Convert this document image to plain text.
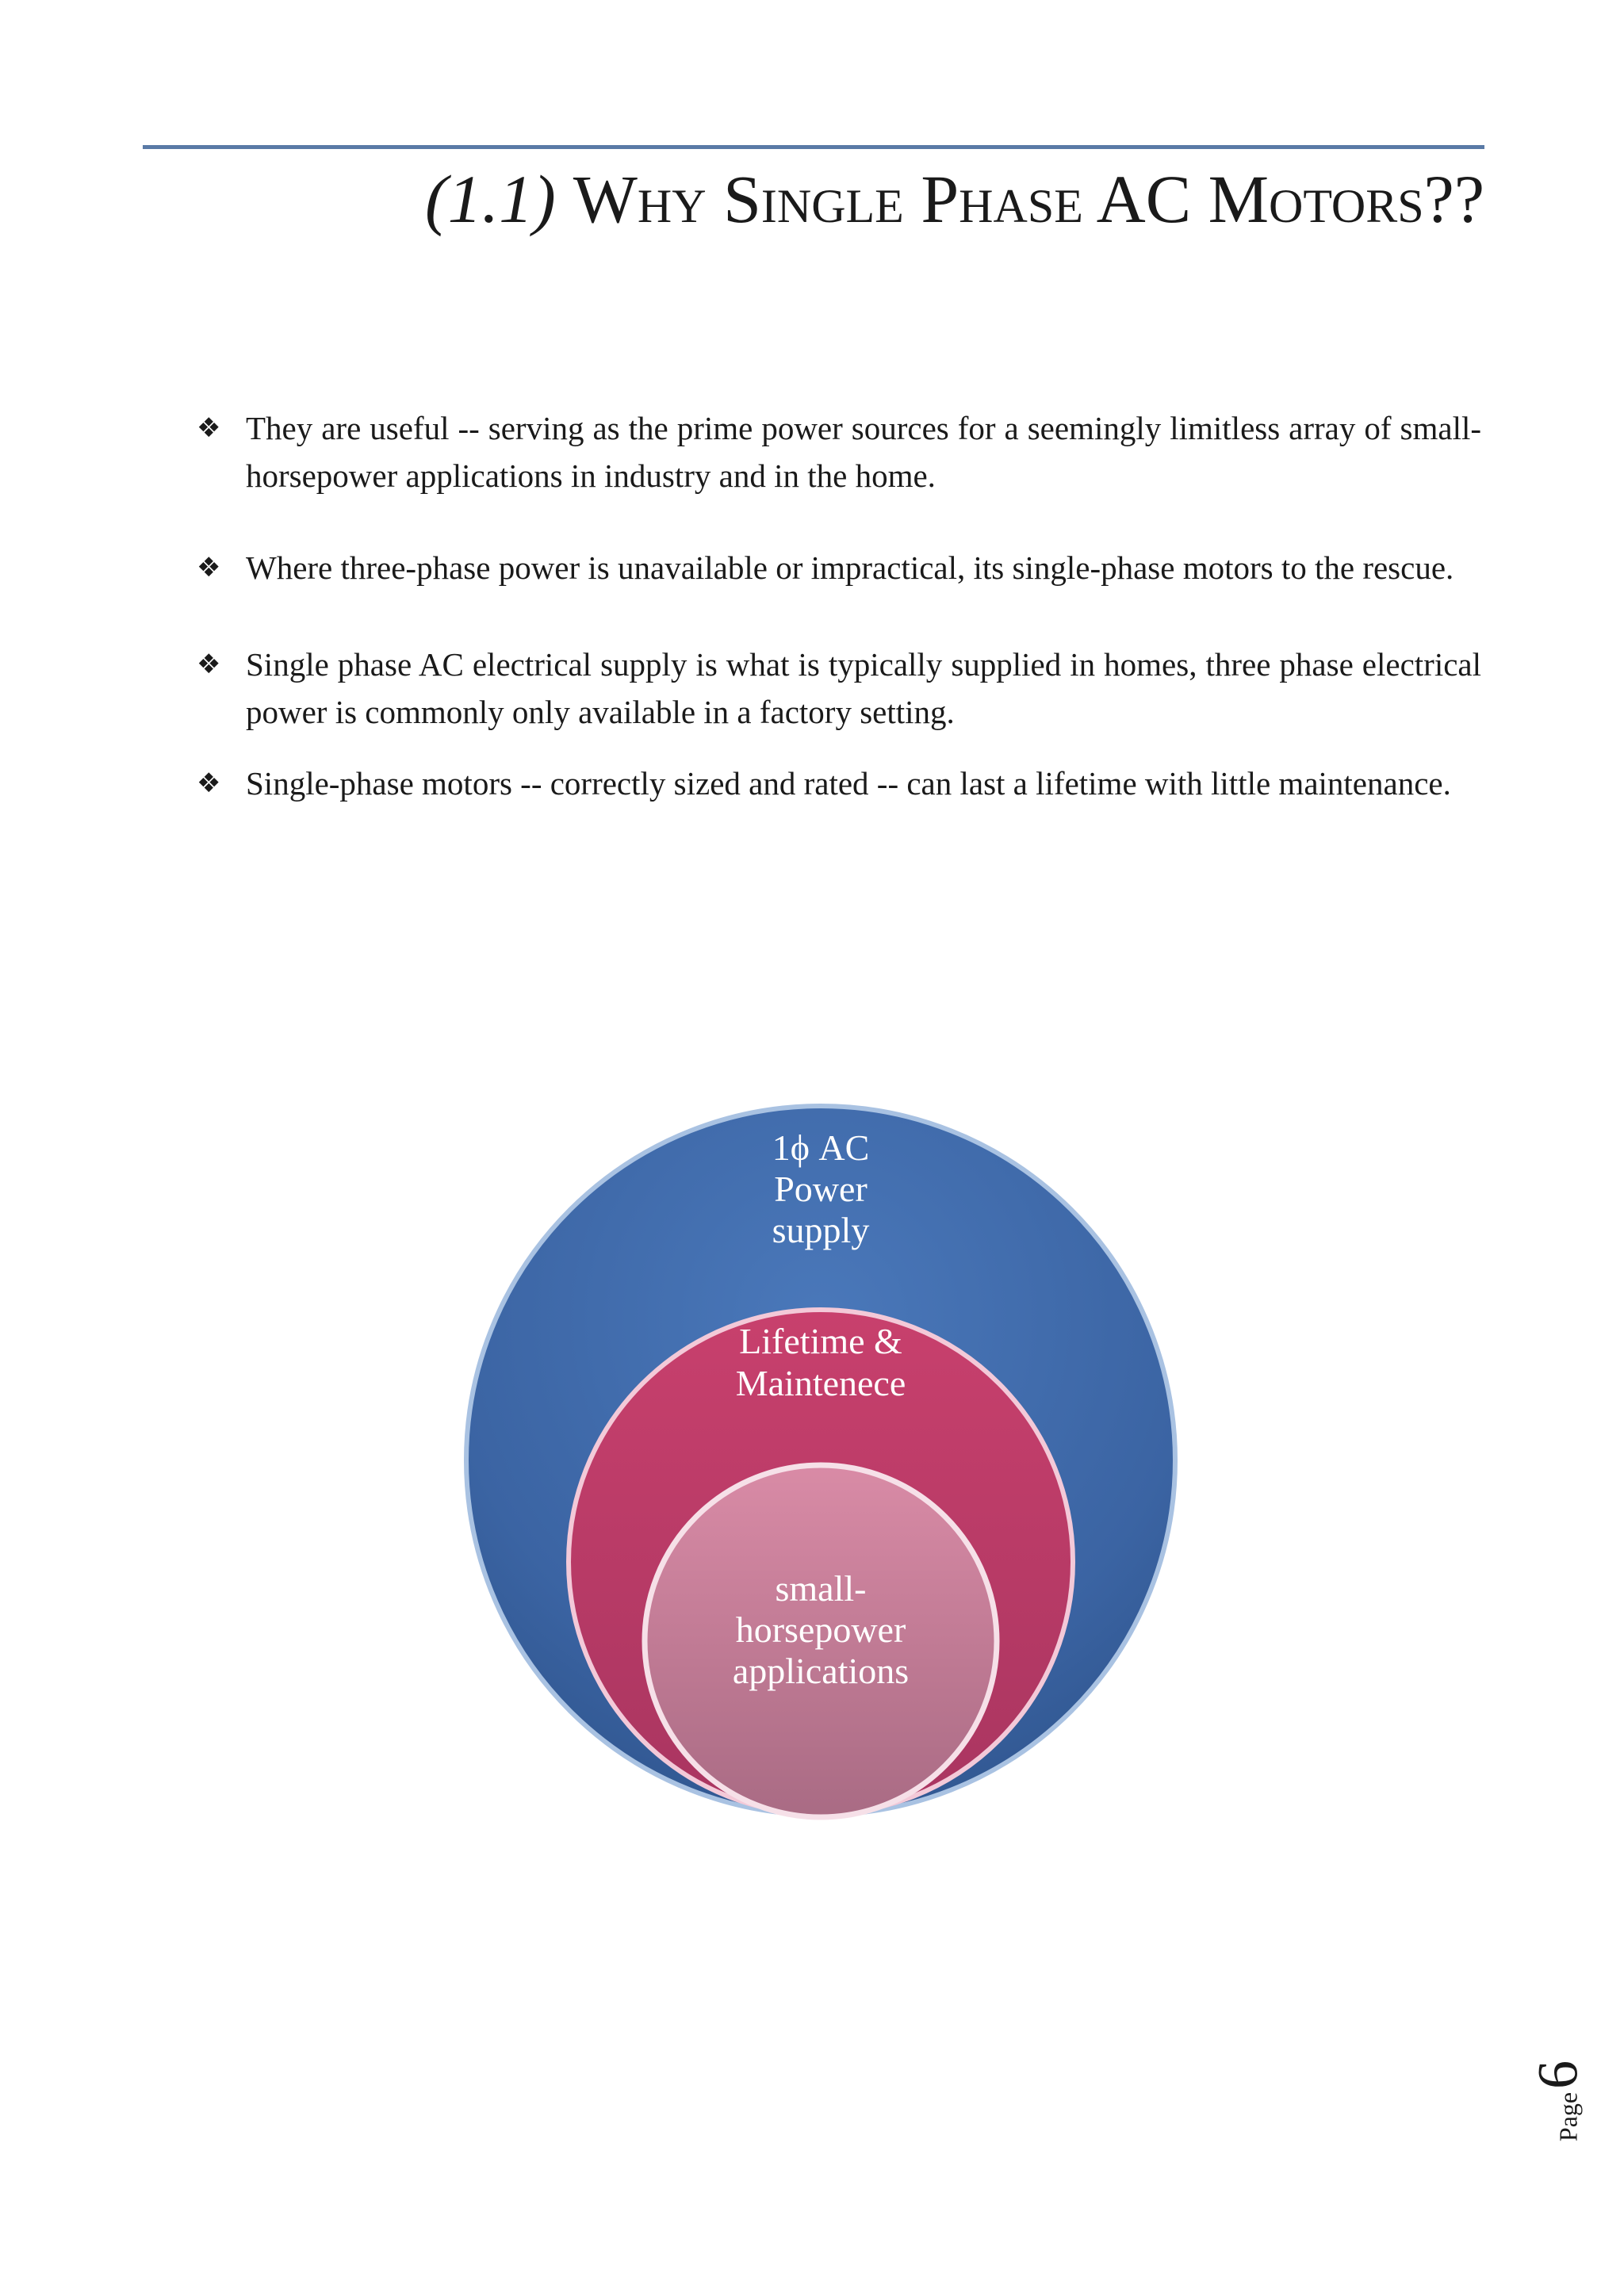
(1.1) Why Single Phase AC Motors??
❖ They are useful -- serving as the prime power sources for a seemingly limitless array of small-horsepower applications in industry and in the home.
❖ Where three-phase power is unavailable or impractical, its single-phase motors to the rescue.
❖ Single phase AC electrical supply is what is typically supplied in homes, three phase electrical power is commonly only available in a factory setting.
❖ Single-phase motors -- correctly sized and rated -- can last a lifetime with little maintenance.
1ϕ AC
Power
supply
Lifetime &
Maintenece
small-
horsepower
applications
Page6
